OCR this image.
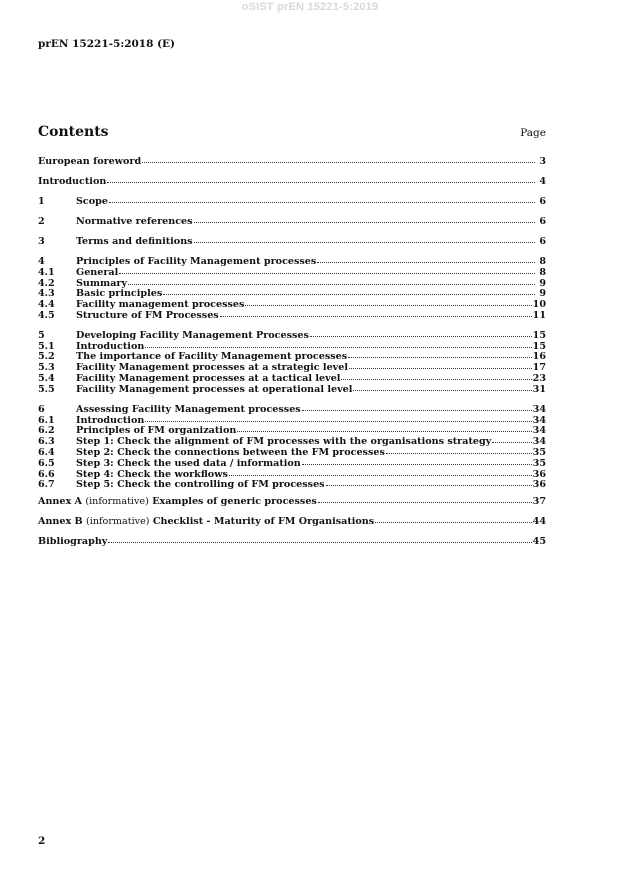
oSIST prEN 15221-5:2019
prEN 15221-5:2018 (E)
Contents	Page
European foreword	3
Introduction	4
1	Scope	6
2	Normative references	6
3	Terms and definitions	6
4	Principles of Facility Management processes	8
4.1	General	8
4.2	Summary	9
4.3	Basic principles	9
4.4	Facility management processes	10
4.5	Structure of FM Processes	11
5	Developing Facility Management Processes	15
5.1	Introduction	15
5.2	The importance of Facility Management processes	16
5.3	Facility Management processes at a strategic level	17
5.4	Facility Management processes at a tactical level	23
5.5	Facility Management processes at operational level	31
6	Assessing Facility Management processes	34
6.1	Introduction	34
6.2	Principles of FM organization	34
6.3	Step 1: Check the alignment of FM processes with the organisations strategy	34
6.4	Step 2: Check the connections between the FM processes	35
6.5	Step 3: Check the used data / information	35
6.6	Step 4: Check the workflows	36
6.7	Step 5: Check the controlling of FM processes	36
Annex A (informative) Examples of generic processes	37
Annex B (informative) Checklist - Maturity of FM Organisations	44
Bibliography	45
2
